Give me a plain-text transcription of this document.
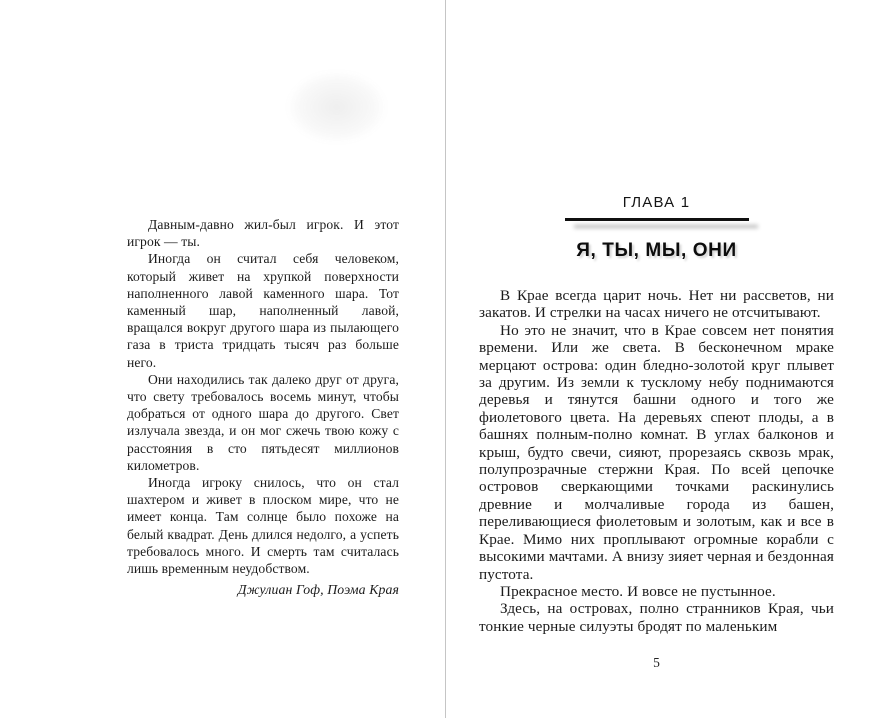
Давным-давно жил-был игрок. И этот игрок — ты.

Иногда он считал себя человеком, который живет на хрупкой поверхности наполненного лавой каменного шара. Тот каменный шар, наполненный лавой, вращался вокруг другого шара из пылающего газа в триста тридцать тысяч раз больше него.

Они находились так далеко друг от друга, что свету требовалось восемь минут, чтобы добраться от одного шара до другого. Свет излучала звезда, и он мог сжечь твою кожу с расстояния в сто пятьдесят миллионов километров.

Иногда игроку снилось, что он стал шахтером и живет в плоском мире, что не имеет конца. Там солнце было похоже на белый квадрат. День длился недолго, а успеть требовалось много. И смерть там считалась лишь временным неудобством.

Джулиан Гоф, Поэма Края

ГЛАВА 1
Я, ТЫ, МЫ, ОНИ

В Крае всегда царит ночь. Нет ни рассветов, ни закатов. И стрелки на часах ничего не отсчитывают.

Но это не значит, что в Крае совсем нет понятия времени. Или же света. В бесконечном мраке мерцают острова: один бледно-золотой круг плывет за другим. Из земли к тусклому небу поднимаются деревья и тянутся башни одного и того же фиолетового цвета. На деревьях спеют плоды, а в башнях полным-полно комнат. В углах балконов и крыш, будто свечи, сияют, прорезаясь сквозь мрак, полупрозрачные стержни Края. По всей цепочке островов сверкающими точками раскинулись древние и молчаливые города из башен, переливающиеся фиолетовым и золотым, как и все в Крае. Мимо них проплывают огромные корабли с высокими мачтами. А внизу зияет черная и бездонная пустота.

Прекрасное место. И вовсе не пустынное.

Здесь, на островах, полно странников Края, чьи тонкие черные силуэты бродят по маленьким

5
